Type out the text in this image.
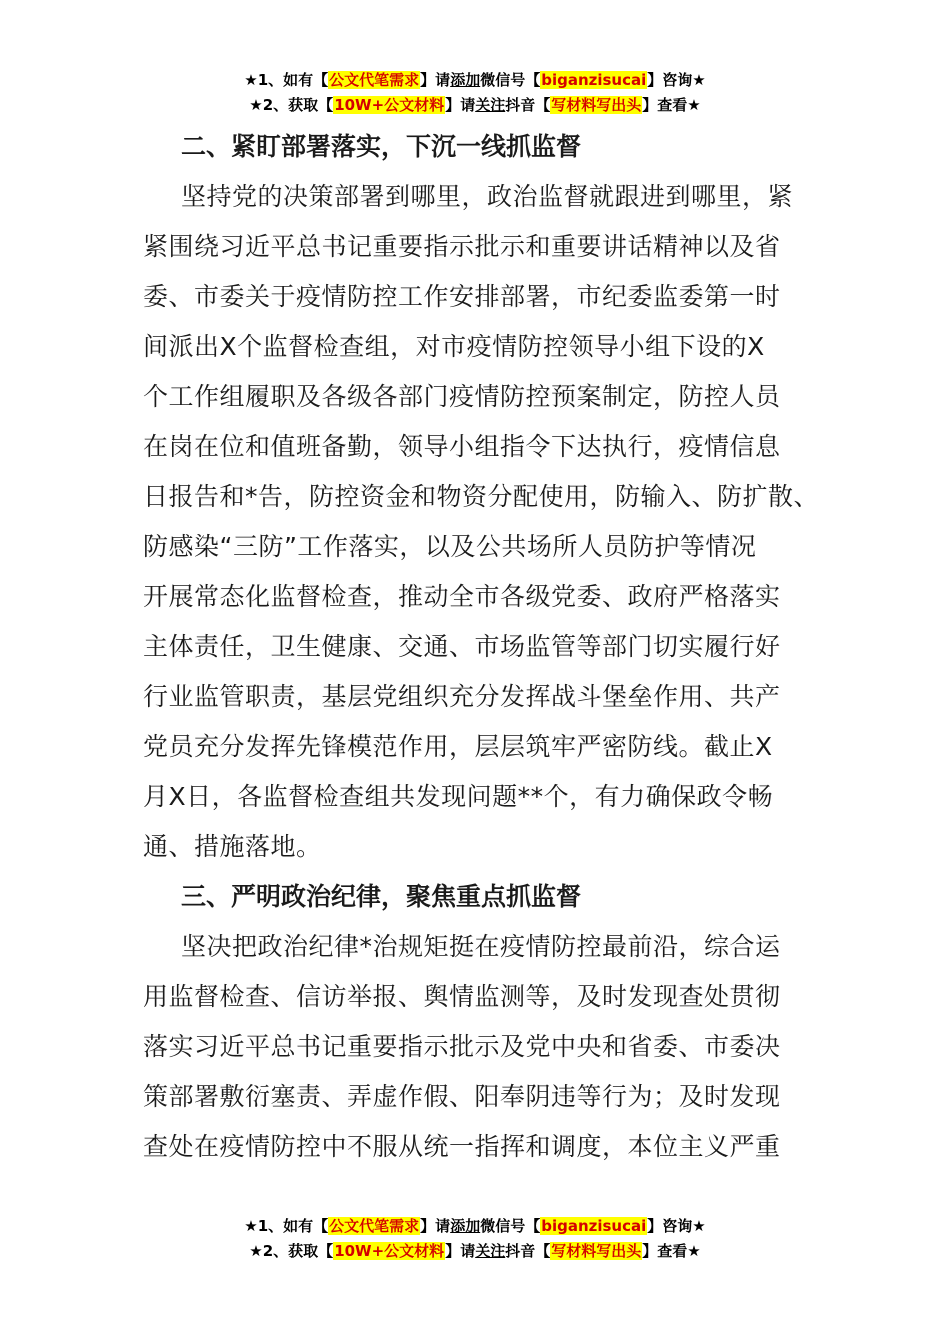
★1、如有【公文代笔需求】请添加微信号【biganzisucai】咨询★
★2、获取【10W+公文材料】请关注抖音【写材料写出头】查看★
二、紧盯部署落实，下沉一线抓监督

坚持党的决策部署到哪里，政治监督就跟进到哪里，紧
紧围绕习近平总书记重要指示批示和重要讲话精神以及省
委、市委关于疫情防控工作安排部署，市纪委监委第一时
间派出X个监督检查组，对市疫情防控领导小组下设的X
个工作组履职及各级各部门疫情防控预案制定，防控人员
在岗在位和值班备勤，领导小组指令下达执行，疫情信息
日报告和*告，防控资金和物资分配使用，防输入、防扩散、
防感染“三防”工作落实，以及公共场所人员防护等情况
开展常态化监督检查，推动全市各级党委、政府严格落实
主体责任，卫生健康、交通、市场监管等部门切实履行好
行业监管职责，基层党组织充分发挥战斗堡垒作用、共产
党员充分发挥先锋模范作用，层层筑牢严密防线。截止X
月X日，各监督检查组共发现问题**个，有力确保政令畅
通、措施落地。

三、严明政治纪律，聚焦重点抓监督

坚决把政治纪律*治规矩挺在疫情防控最前沿，综合运
用监督检查、信访举报、舆情监测等，及时发现查处贯彻
落实习近平总书记重要指示批示及党中央和省委、市委决
策部署敷衍塞责、弄虚作假、阳奉阴违等行为；及时发现
查处在疫情防控中不服从统一指挥和调度，本位主义严重

★1、如有【公文代笔需求】请添加微信号【biganzisucai】咨询★
★2、获取【10W+公文材料】请关注抖音【写材料写出头】查看★
